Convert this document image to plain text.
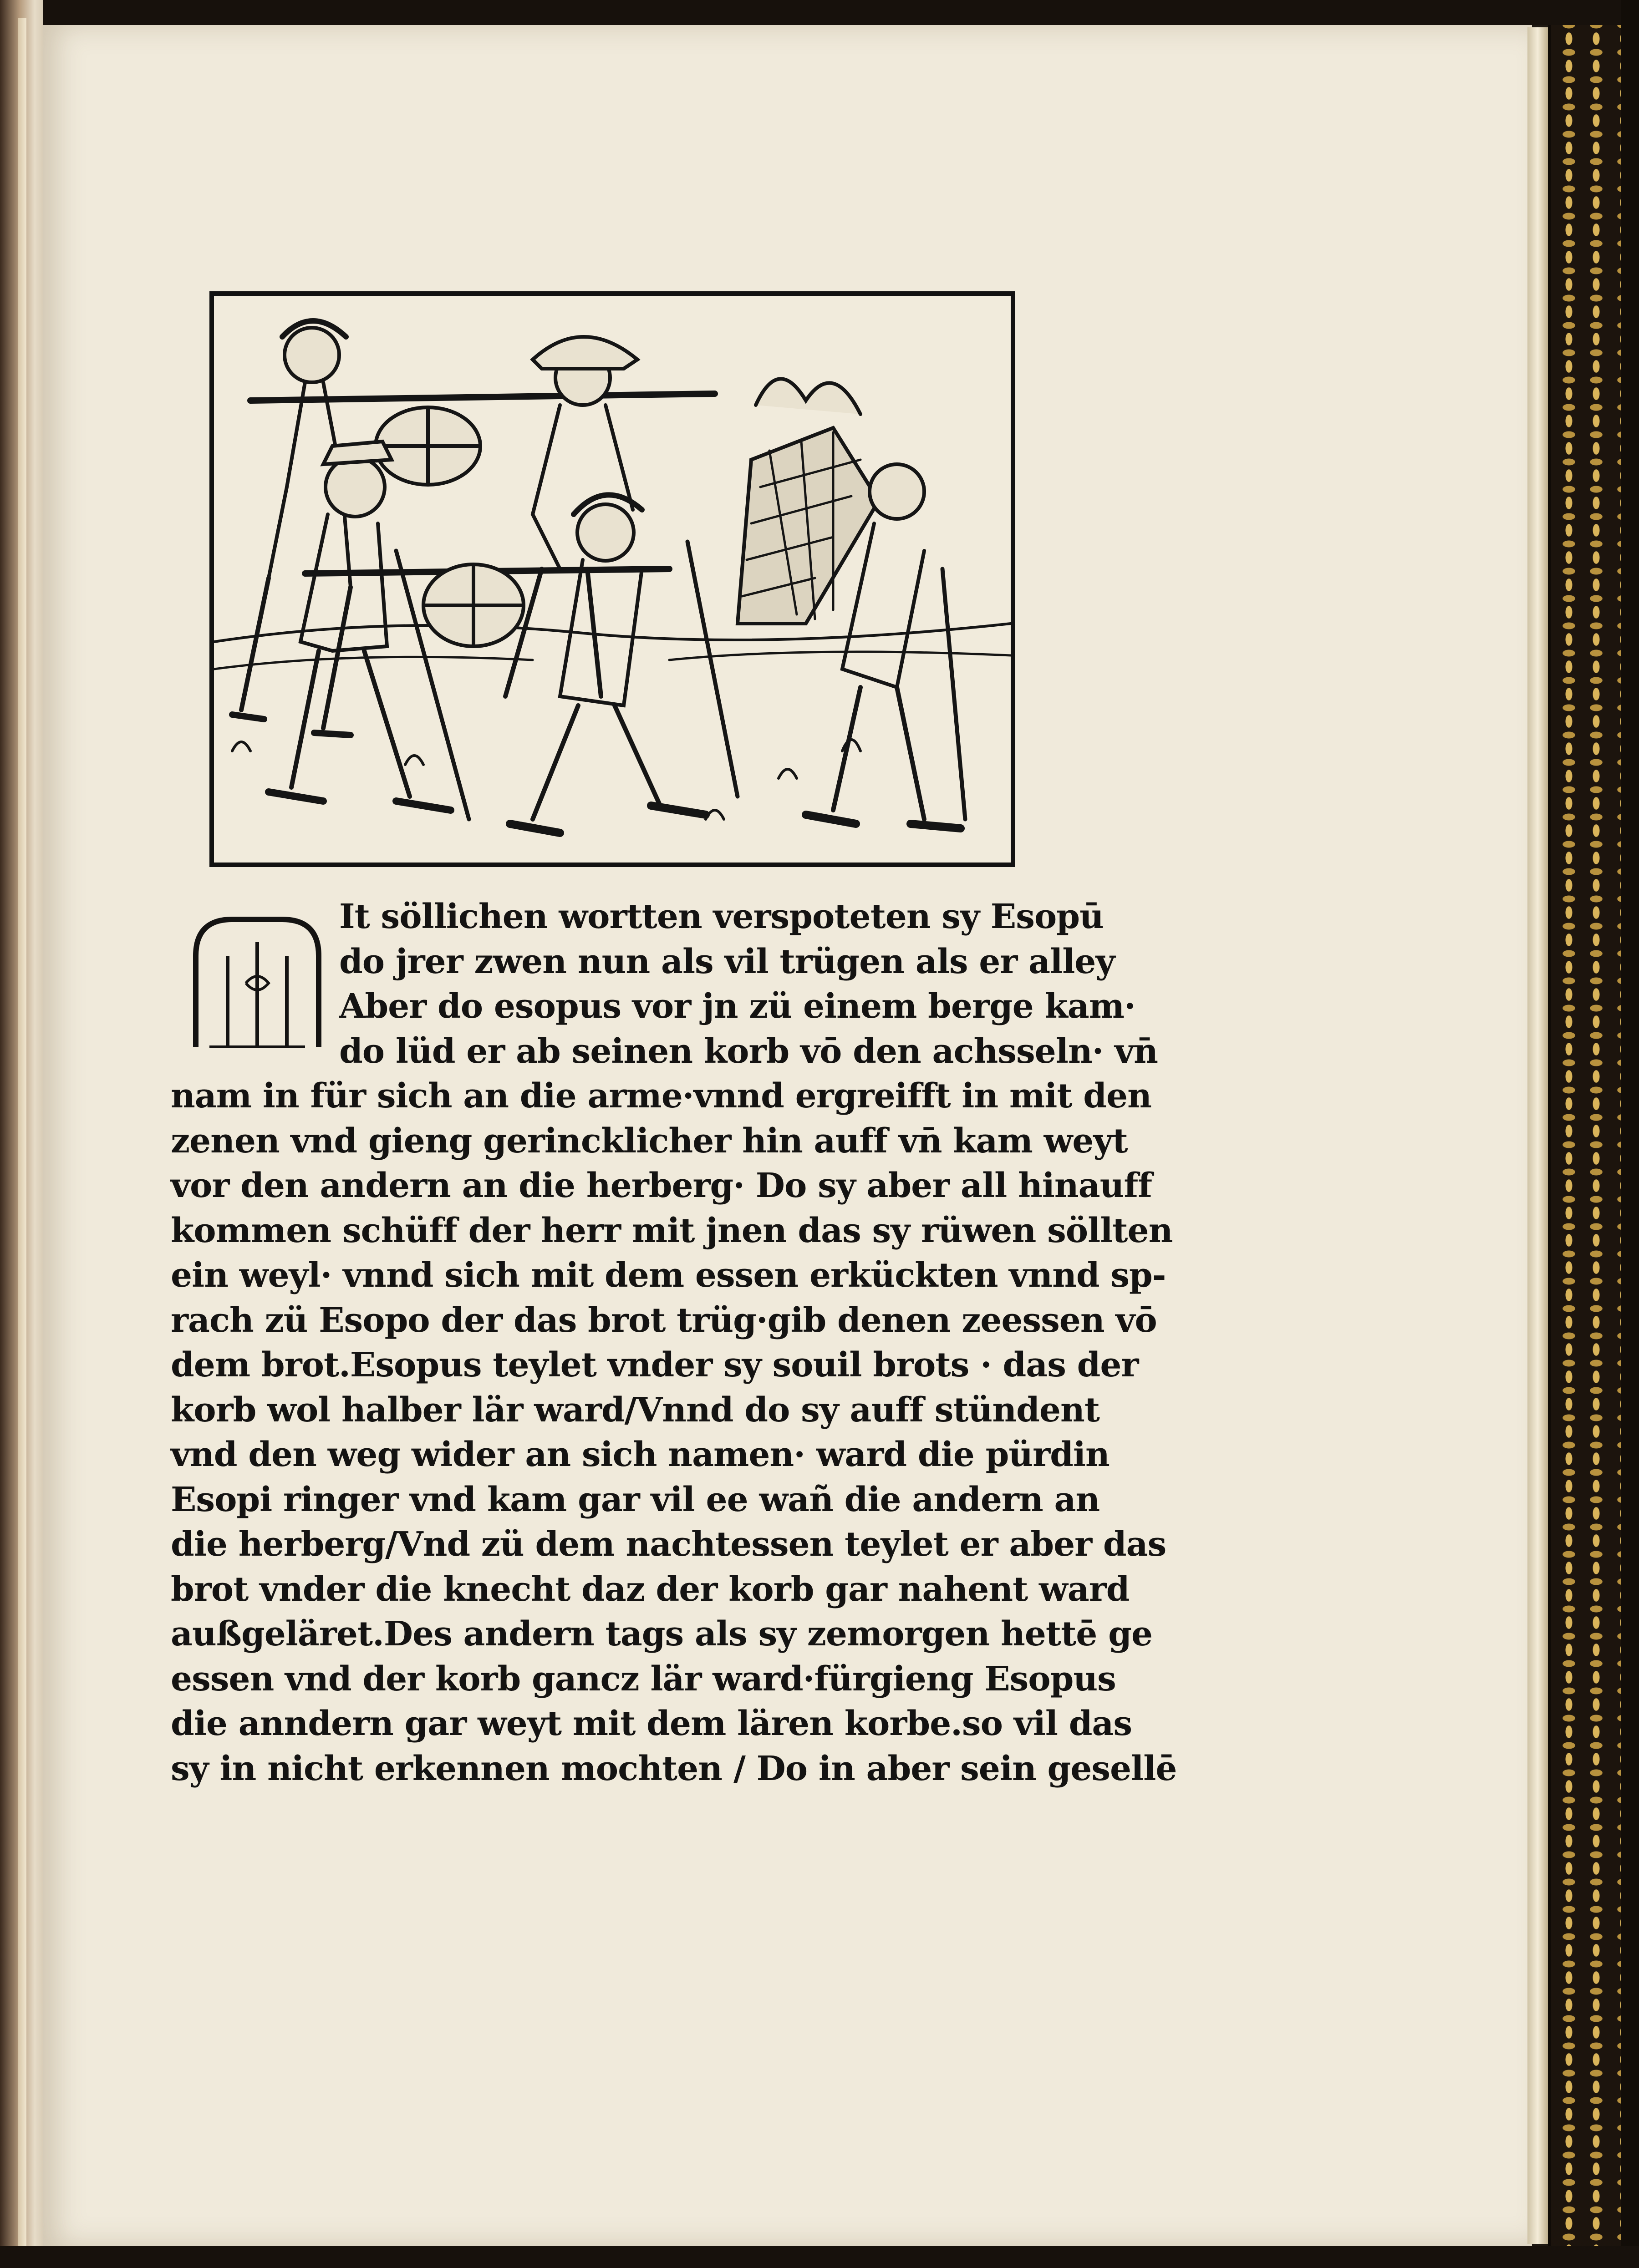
It söllichen wortten verspoteten sy Esopū
do jrer zwen nun als vil trügen als er alley
Aber do esopus vor jn zü einem berge kam·
do lüd er ab seinen korb vō den achsseln· vn̄
nam in für sich an die arme·vnnd ergreifft in mit den
zenen vnd gieng gerincklicher hin auff vn̄ kam weyt
vor den andern an die herberg· Do sy aber all hinauff
kommen schüff der herr mit jnen das sy rüwen söllten
ein weyl· vnnd sich mit dem essen erkückten vnnd sp-
rach zü Esopo der das brot trüg·gib denen zeessen vō
dem brot.Esopus teylet vnder sy souil brots · das der
korb wol halber lär ward/Vnnd do sy auff stündent
vnd den weg wider an sich namen· ward die pürdin
Esopi ringer vnd kam gar vil ee wañ die andern an
die herberg/Vnd zü dem nachtessen teylet er aber das
brot vnder die knecht daz der korb gar nahent ward
außgeläret.Des andern tags als sy zemorgen hettē ge
essen vnd der korb gancz lär ward·fürgieng Esopus
die anndern gar weyt mit dem lären korbe.so vil das
sy in nicht erkennen mochten / Do in aber sein gesellē
